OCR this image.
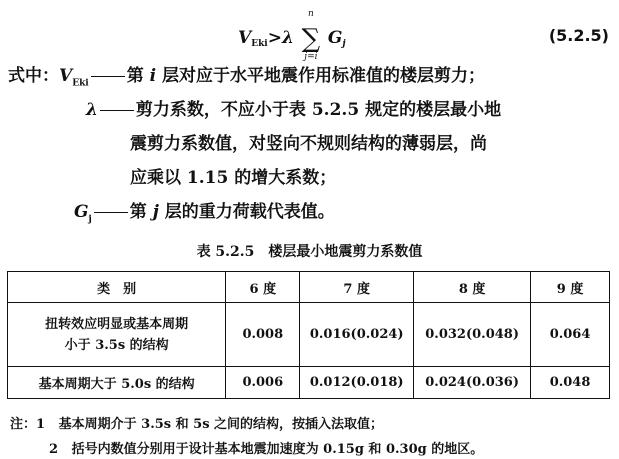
$V_{Eki}>\lambda$
n
∑
j=i
$G_j$	(5.2.5)
式中：$V_{Eki}$ 第 i 层对应于水平地震作用标准值的楼层剪力；
λ 剪力系数，不应小于表 5.2.5 规定的楼层最小地
震剪力系数值，对竖向不规则结构的薄弱层，尚
应乘以 1.15 的增大系数；
$G_j$ 第 j 层的重力荷载代表值。
表 5.2.5　楼层最小地震剪力系数值
类　别	6 度	7 度	8 度	9 度

扭转效应明显或基本周期
小于 3.5s 的结构	0.008	0.016(0.024)	0.032(0.048)	0.064
基本周期大于 5.0s 的结构	0.006	0.012(0.018)	0.024(0.036)	0.048
注：1 基本周期介于 3.5s 和 5s 之间的结构，按插入法取值；
2 括号内数值分别用于设计基本地震加速度为 0.15g 和 0.30g 的地区。
